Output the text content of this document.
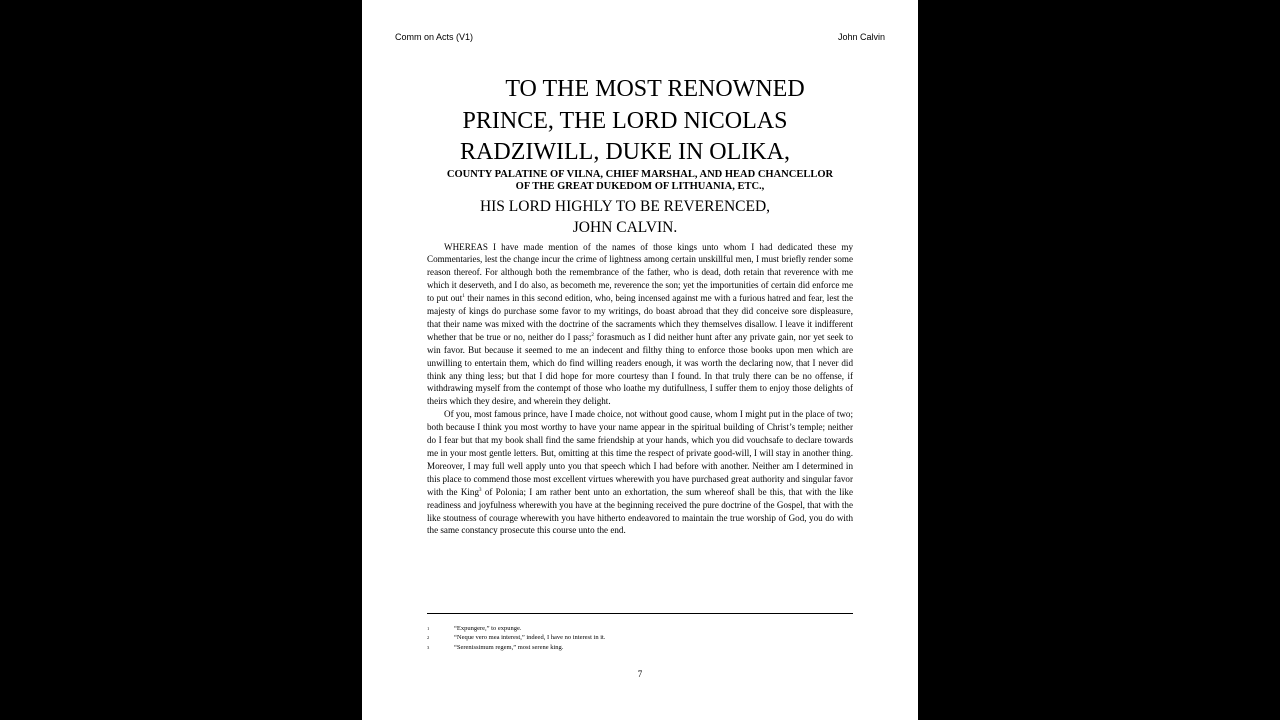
Comm on Acts (V1)	John Calvin
TO THE MOST RENOWNED
PRINCE, THE LORD NICOLAS
RADZIWILL, DUKE IN OLIKA,

COUNTY PALATINE OF VILNA, CHIEF MARSHAL, AND HEAD CHANCELLOR

OF THE GREAT DUKEDOM OF LITHUANIA, ETC.,

HIS LORD HIGHLY TO BE REVERENCED,

JOHN CALVIN.

WHEREAS I have made mention of the names of those kings unto whom I had dedicated these my Commentaries, lest the change incur the crime of lightness among certain unskillful men, I must briefly render some reason thereof. For although both the remembrance of the father, who is dead, doth retain that reverence with me which it deserveth, and I do also, as becometh me, reverence the son; yet the importunities of certain did enforce me to put out$^1$ their names in this second edition, who, being incensed against me with a furious hatred and fear, lest the majesty of kings do purchase some favor to my writings, do boast abroad that they did conceive sore displeasure, that their name was mixed with the doctrine of the sacraments which they themselves disallow. I leave it indifferent whether that be true or no, neither do I pass;$^2$ forasmuch as I did neither hunt after any private gain, nor yet seek to win favor. But because it seemed to me an indecent and filthy thing to enforce those books upon men which are unwilling to entertain them, which do find willing readers enough, it was worth the declaring now, that I never did think any thing less; but that I did hope for more courtesy than I found. In that truly there can be no offense, if withdrawing myself from the contempt of those who loathe my dutifullness, I suffer them to enjoy those delights of theirs which they desire, and wherein they delight.

Of you, most famous prince, have I made choice, not without good cause, whom I might put in the place of two; both because I think you most worthy to have your name appear in the spiritual building of Christ’s temple; neither do I fear but that my book shall find the same friendship at your hands, which you did vouchsafe to declare towards me in your most gentle letters. But, omitting at this time the respect of private good-will, I will stay in another thing. Moreover, I may full well apply unto you that speech which I had before with another. Neither am I determined in this place to commend those most excellent virtues wherewith you have purchased great authority and singular favor with the King$^3$ of Polonia; I am rather bent unto an exhortation, the sum whereof shall be this, that with the like readiness and joyfulness wherewith you have at the beginning received the pure doctrine of the Gospel, that with the like stoutness of courage wherewith you have hitherto endeavored to maintain the true worship of God, you do with the same constancy prosecute this course unto the end.

1	“Expungere,” to expunge.
2	“Neque vero mea interest,” indeed, I have no interest in it.
3	“Serenissimum regem,” most serene king.
7
